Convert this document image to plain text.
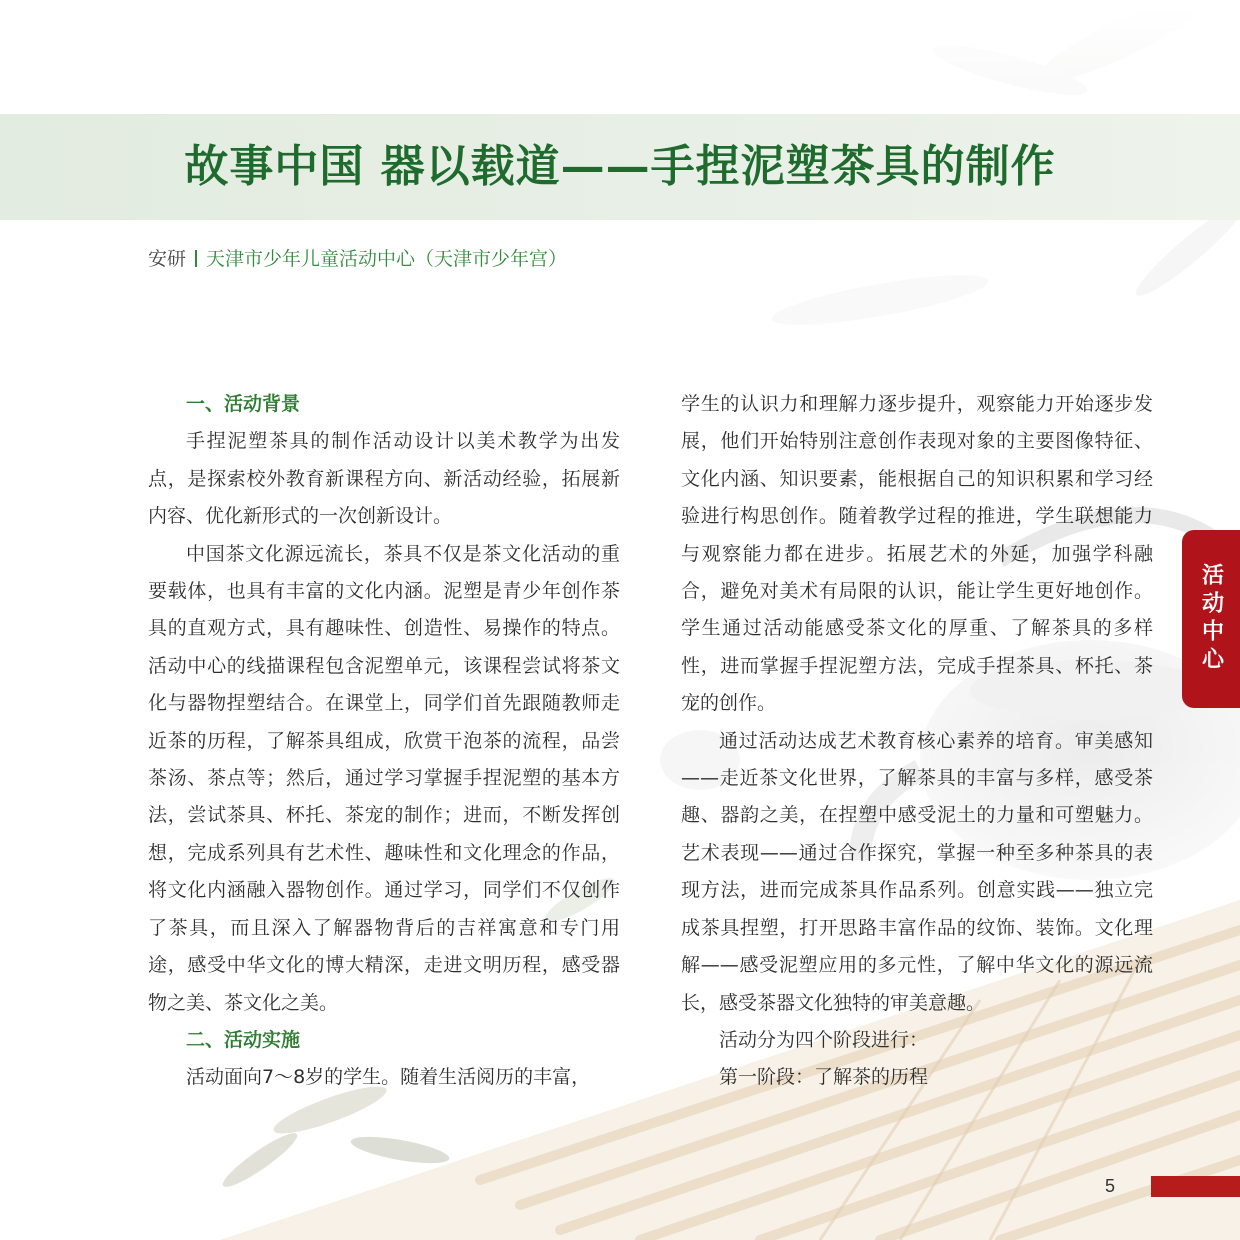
故事中国 器以载道——手捏泥塑茶具的制作
安研 天津市少年儿童活动中心（天津市少年宫）
一、活动背景

手捏泥塑茶具的制作活动设计以美术教学为出发点，是探索校外教育新课程方向、新活动经验，拓展新内容、优化新形式的一次创新设计。

中国茶文化源远流长，茶具不仅是茶文化活动的重要载体，也具有丰富的文化内涵。泥塑是青少年创作茶具的直观方式，具有趣味性、创造性、易操作的特点。活动中心的线描课程包含泥塑单元，该课程尝试将茶文化与器物捏塑结合。在课堂上，同学们首先跟随教师走近茶的历程，了解茶具组成，欣赏干泡茶的流程，品尝茶汤、茶点等；然后，通过学习掌握手捏泥塑的基本方法，尝试茶具、杯托、茶宠的制作；进而，不断发挥创想，完成系列具有艺术性、趣味性和文化理念的作品，将文化内涵融入器物创作。通过学习，同学们不仅创作了茶具，而且深入了解器物背后的吉祥寓意和专门用途，感受中华文化的博大精深，走进文明历程，感受器物之美、茶文化之美。

二、活动实施

活动面向7～8岁的学生。随着生活阅历的丰富，

学生的认识力和理解力逐步提升，观察能力开始逐步发展，他们开始特别注意创作表现对象的主要图像特征、文化内涵、知识要素，能根据自己的知识积累和学习经验进行构思创作。随着教学过程的推进，学生联想能力与观察能力都在进步。拓展艺术的外延，加强学科融合，避免对美术有局限的认识，能让学生更好地创作。学生通过活动能感受茶文化的厚重、了解茶具的多样性，进而掌握手捏泥塑方法，完成手捏茶具、杯托、茶宠的创作。

通过活动达成艺术教育核心素养的培育。审美感知——走近茶文化世界，了解茶具的丰富与多样，感受茶趣、器韵之美，在捏塑中感受泥土的力量和可塑魅力。艺术表现——通过合作探究，掌握一种至多种茶具的表现方法，进而完成茶具作品系列。创意实践——独立完成茶具捏塑，打开思路丰富作品的纹饰、装饰。文化理解——感受泥塑应用的多元性，了解中华文化的源远流长，感受茶器文化独特的审美意趣。

活动分为四个阶段进行：

第一阶段：了解茶的历程

活动中心
5
